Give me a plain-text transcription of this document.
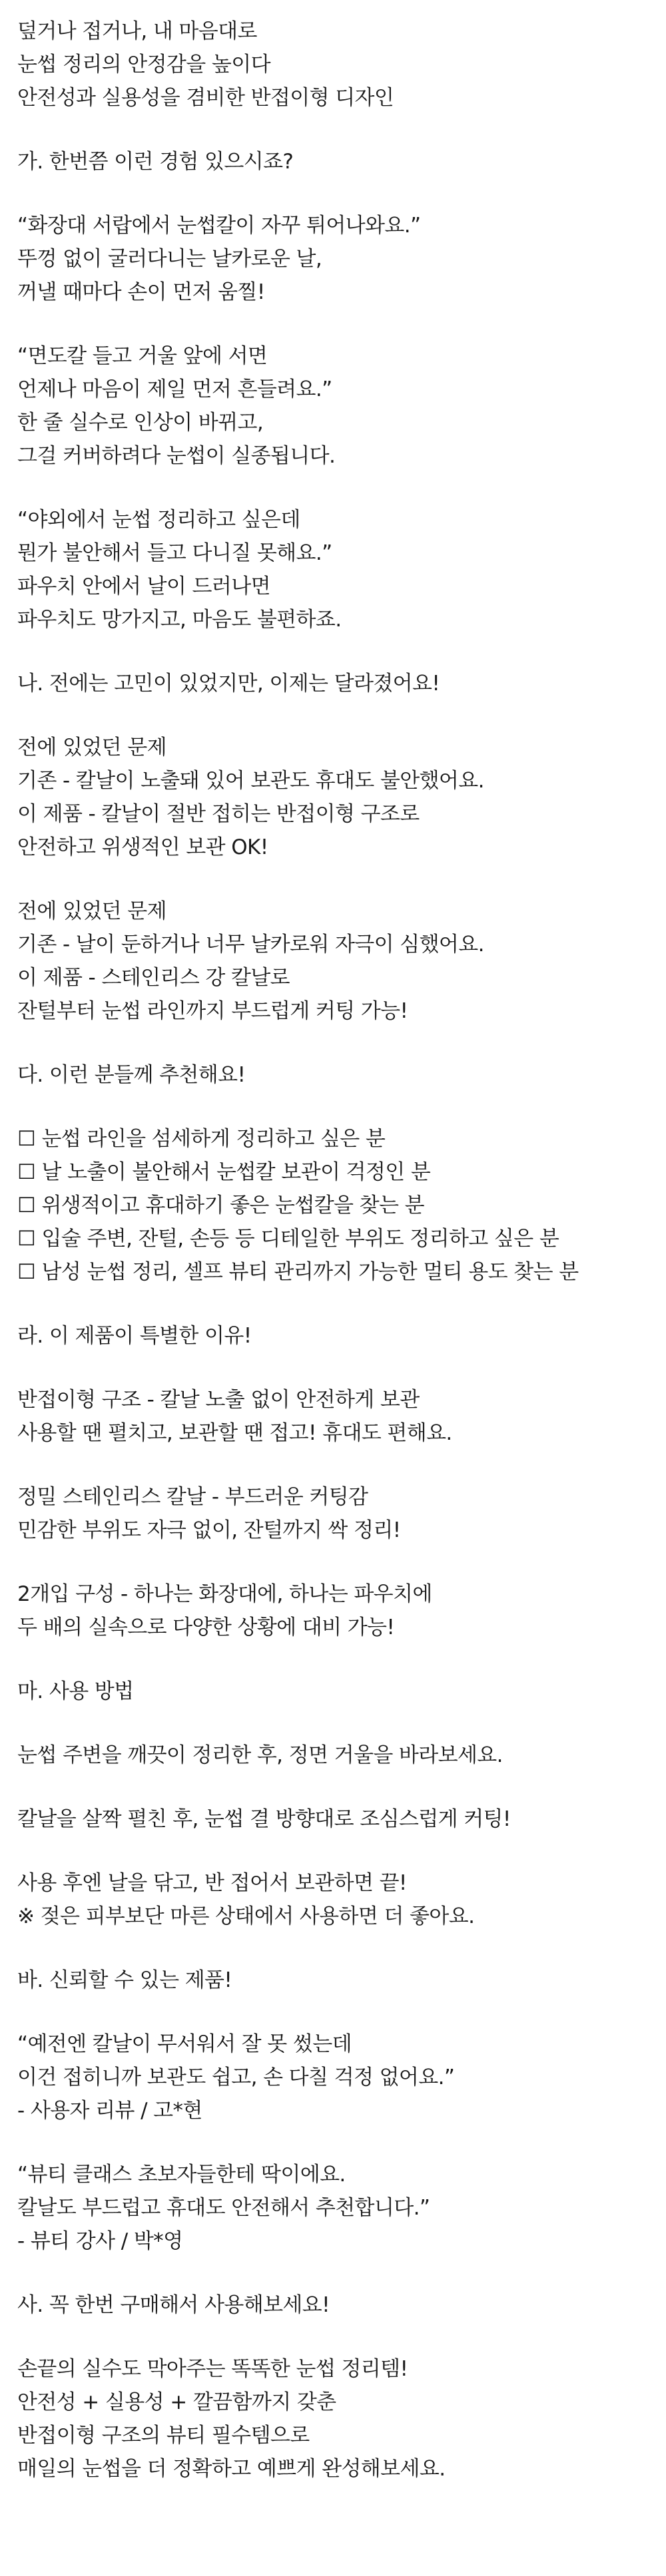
덮거나 접거나, 내 마음대로
눈썹 정리의 안정감을 높이다
안전성과 실용성을 겸비한 반접이형 디자인
가. 한번쯤 이런 경험 있으시죠?
“화장대 서랍에서 눈썹칼이 자꾸 튀어나와요.”
뚜껑 없이 굴러다니는 날카로운 날,
꺼낼 때마다 손이 먼저 움찔!
“면도칼 들고 거울 앞에 서면
언제나 마음이 제일 먼저 흔들려요.”
한 줄 실수로 인상이 바뀌고,
그걸 커버하려다 눈썹이 실종됩니다.
“야외에서 눈썹 정리하고 싶은데
뭔가 불안해서 들고 다니질 못해요.”
파우치 안에서 날이 드러나면
파우치도 망가지고, 마음도 불편하죠.
나. 전에는 고민이 있었지만, 이제는 달라졌어요!
전에 있었던 문제
기존 - 칼날이 노출돼 있어 보관도 휴대도 불안했어요.
이 제품 - 칼날이 절반 접히는 반접이형 구조로
안전하고 위생적인 보관 OK!
전에 있었던 문제
기존 - 날이 둔하거나 너무 날카로워 자극이 심했어요.
이 제품 - 스테인리스 강 칼날로
잔털부터 눈썹 라인까지 부드럽게 커팅 가능!
다. 이런 분들께 추천해요!
☐ 눈썹 라인을 섬세하게 정리하고 싶은 분
☐ 날 노출이 불안해서 눈썹칼 보관이 걱정인 분
☐ 위생적이고 휴대하기 좋은 눈썹칼을 찾는 분
☐ 입술 주변, 잔털, 손등 등 디테일한 부위도 정리하고 싶은 분
☐ 남성 눈썹 정리, 셀프 뷰티 관리까지 가능한 멀티 용도 찾는 분
라. 이 제품이 특별한 이유!
반접이형 구조 - 칼날 노출 없이 안전하게 보관
사용할 땐 펼치고, 보관할 땐 접고! 휴대도 편해요.
정밀 스테인리스 칼날 - 부드러운 커팅감
민감한 부위도 자극 없이, 잔털까지 싹 정리!
2개입 구성 - 하나는 화장대에, 하나는 파우치에
두 배의 실속으로 다양한 상황에 대비 가능!
마. 사용 방법
눈썹 주변을 깨끗이 정리한 후, 정면 거울을 바라보세요.
칼날을 살짝 펼친 후, 눈썹 결 방향대로 조심스럽게 커팅!
사용 후엔 날을 닦고, 반 접어서 보관하면 끝!
※ 젖은 피부보단 마른 상태에서 사용하면 더 좋아요.
바. 신뢰할 수 있는 제품!
“예전엔 칼날이 무서워서 잘 못 썼는데
이건 접히니까 보관도 쉽고, 손 다칠 걱정 없어요.”
- 사용자 리뷰 / 고*현
“뷰티 클래스 초보자들한테 딱이에요.
칼날도 부드럽고 휴대도 안전해서 추천합니다.”
- 뷰티 강사 / 박*영
사. 꼭 한번 구매해서 사용해보세요!
손끝의 실수도 막아주는 똑똑한 눈썹 정리템!
안전성 + 실용성 + 깔끔함까지 갖춘
반접이형 구조의 뷰티 필수템으로
매일의 눈썹을 더 정확하고 예쁘게 완성해보세요.
